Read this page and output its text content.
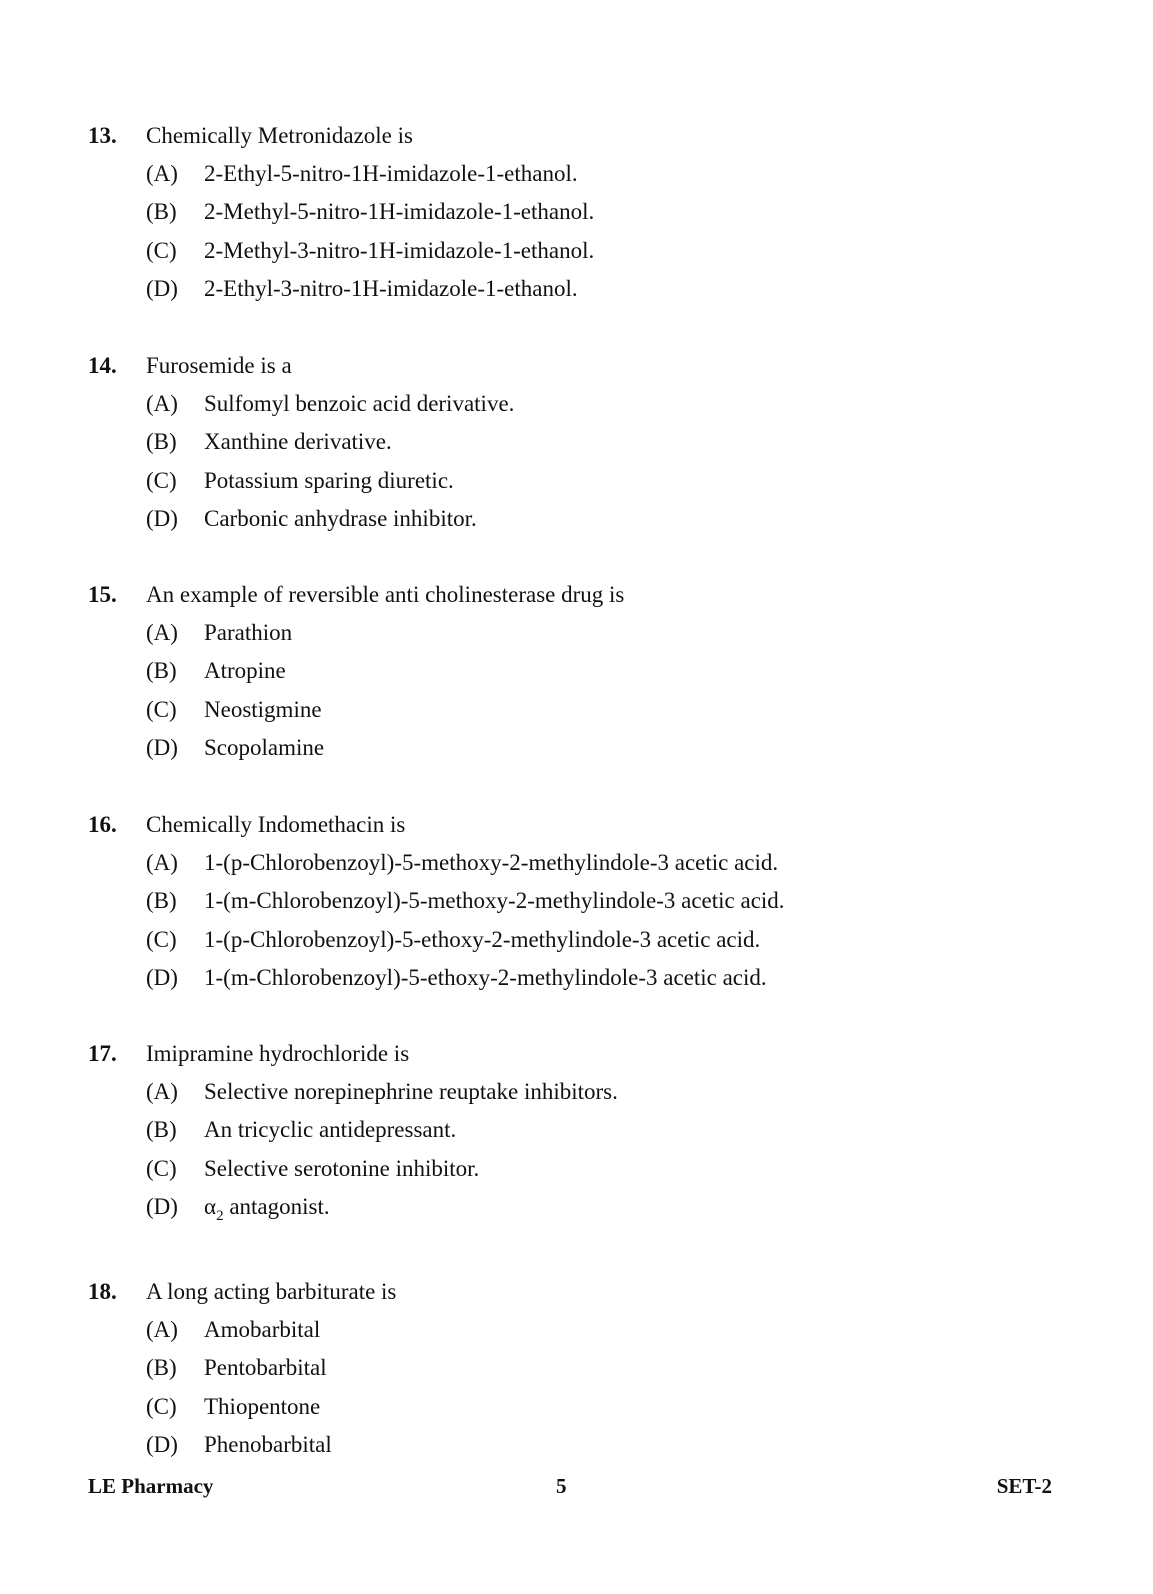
13. Chemically Metronidazole is
(A) 2-Ethyl-5-nitro-1H-imidazole-1-ethanol.
(B) 2-Methyl-5-nitro-1H-imidazole-1-ethanol.
(C) 2-Methyl-3-nitro-1H-imidazole-1-ethanol.
(D) 2-Ethyl-3-nitro-1H-imidazole-1-ethanol.
14. Furosemide is a
(A) Sulfomyl benzoic acid derivative.
(B) Xanthine derivative.
(C) Potassium sparing diuretic.
(D) Carbonic anhydrase inhibitor.
15. An example of reversible anti cholinesterase drug is
(A) Parathion
(B) Atropine
(C) Neostigmine
(D) Scopolamine
16. Chemically Indomethacin is
(A) 1-(p-Chlorobenzoyl)-5-methoxy-2-methylindole-3 acetic acid.
(B) 1-(m-Chlorobenzoyl)-5-methoxy-2-methylindole-3 acetic acid.
(C) 1-(p-Chlorobenzoyl)-5-ethoxy-2-methylindole-3 acetic acid.
(D) 1-(m-Chlorobenzoyl)-5-ethoxy-2-methylindole-3 acetic acid.
17. Imipramine hydrochloride is
(A) Selective norepinephrine reuptake inhibitors.
(B) An tricyclic antidepressant.
(C) Selective serotonine inhibitor.
(D) $\alpha_2$ antagonist.
18. A long acting barbiturate is
(A) Amobarbital
(B) Pentobarbital
(C) Thiopentone
(D) Phenobarbital
LE Pharmacy	5	SET-2
